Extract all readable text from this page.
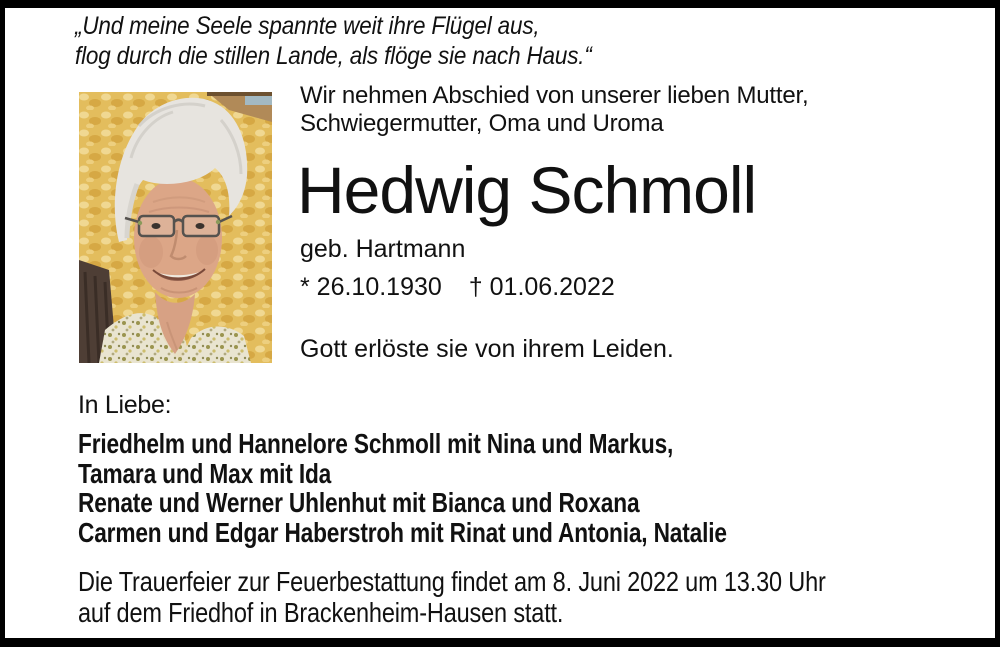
„Und meine Seele spannte weit ihre Flügel aus,
flog durch die stillen Lande, als flöge sie nach Haus.“
Wir nehmen Abschied von unserer lieben Mutter,
Schwiegermutter, Oma und Uroma
Hedwig Schmoll
geb. Hartmann
* 26.10.1930 † 01.06.2022
Gott erlöste sie von ihrem Leiden.
In Liebe:
Friedhelm und Hannelore Schmoll mit Nina und Markus,
Tamara und Max mit Ida
Renate und Werner Uhlenhut mit Bianca und Roxana
Carmen und Edgar Haberstroh mit Rinat und Antonia, Natalie
Die Trauerfeier zur Feuerbestattung findet am 8. Juni 2022 um 13.30 Uhr
auf dem Friedhof in Brackenheim-Hausen statt.
